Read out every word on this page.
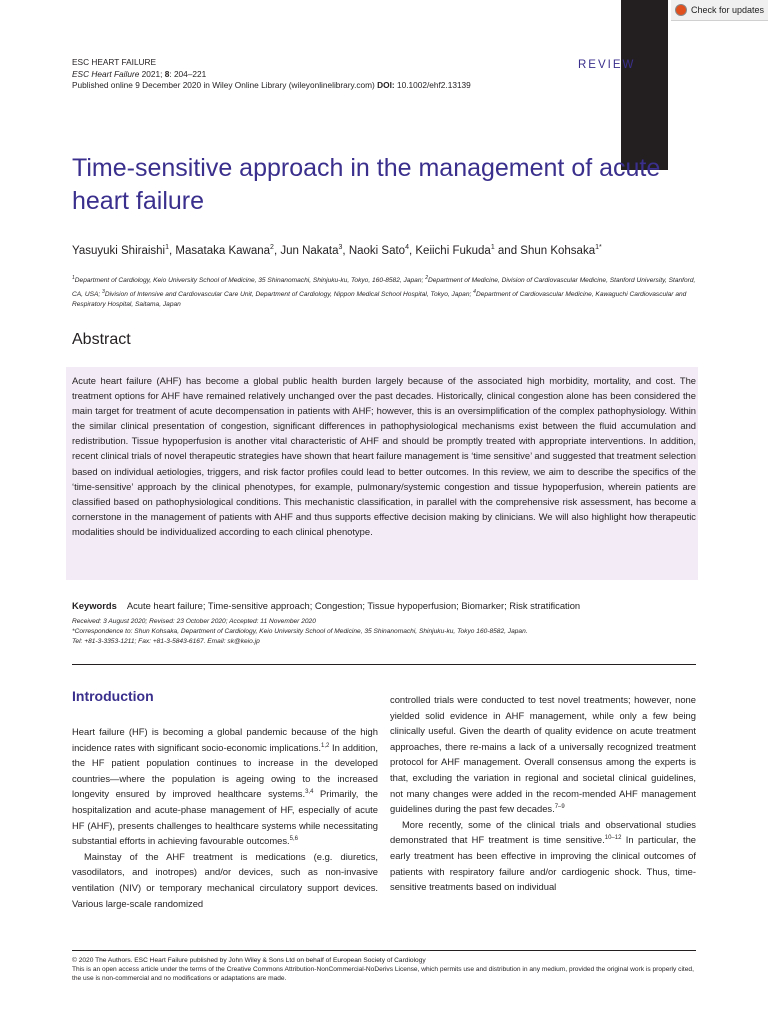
Check for updates
ESC HEART FAILURE
ESC Heart Failure 2021; 8: 204–221
Published online 9 December 2020 in Wiley Online Library (wileyonlinelibrary.com) DOI: 10.1002/ehf2.13139
REVIEW
Time-sensitive approach in the management of acute heart failure
Yasuyuki Shiraishi$^1$, Masataka Kawana$^2$, Jun Nakata$^3$, Naoki Sato$^4$, Keiichi Fukuda$^1$ and Shun Kohsaka$^{1*}$
$^1$Department of Cardiology, Keio University School of Medicine, 35 Shinanomachi, Shinjuku-ku, Tokyo, 160-8582, Japan; $^2$Department of Medicine, Division of Cardiovascular Medicine, Stanford University, Stanford, CA, USA; $^3$Division of Intensive and Cardiovascular Care Unit, Department of Cardiology, Nippon Medical School Hospital, Tokyo, Japan; $^4$Department of Cardiovascular Medicine, Kawaguchi Cardiovascular and Respiratory Hospital, Saitama, Japan
Abstract
Acute heart failure (AHF) has become a global public health burden largely because of the associated high morbidity, mortality, and cost. The treatment options for AHF have remained relatively unchanged over the past decades. Historically, clinical congestion alone has been considered the main target for treatment of acute decompensation in patients with AHF; however, this is an oversimplification of the complex pathophysiology. Within the similar clinical presentation of congestion, significant differences in pathophysiological mechanisms exist between the fluid accumulation and redistribution. Tissue hypoperfusion is another vital characteristic of AHF and should be promptly treated with appropriate interventions. In addition, recent clinical trials of novel therapeutic strategies have shown that heart failure management is ‘time sensitive’ and suggested that treatment selection based on individual aetiologies, triggers, and risk factor profiles could lead to better outcomes. In this review, we aim to describe the specifics of the ‘time-sensitive’ approach by the clinical phenotypes, for example, pulmonary/systemic congestion and tissue hypoperfusion, wherein patients are classified based on pathophysiological conditions. This mechanistic classification, in parallel with the comprehensive risk assessment, has become a cornerstone in the management of patients with AHF and thus supports effective decision making by clinicians. We will also highlight how therapeutic modalities should be individualized according to each clinical phenotype.
Keywords Acute heart failure; Time-sensitive approach; Congestion; Tissue hypoperfusion; Biomarker; Risk stratification
Received: 3 August 2020; Revised: 23 October 2020; Accepted: 11 November 2020
*Correspondence to: Shun Kohsaka, Department of Cardiology, Keio University School of Medicine, 35 Shinanomachi, Shinjuku-ku, Tokyo 160-8582, Japan.
Tel: +81-3-3353-1211; Fax: +81-3-5843-6167. Email: sk@keio.jp
Introduction

Heart failure (HF) is becoming a global pandemic because of the high incidence rates with significant socio-economic implications.$^{1,2}$ In addition, the HF patient population continues to increase in the developed countries—where the population is ageing owing to the increased longevity ensured by improved healthcare systems.$^{3,4}$ Primarily, the hospitalization and acute-phase management of HF, especially of acute HF (AHF), presents challenges to healthcare systems while necessitating substantial efforts in achieving favourable outcomes.$^{5,6}$

Mainstay of the AHF treatment is medications (e.g. diuretics, vasodilators, and inotropes) and/or devices, such as non-invasive ventilation (NIV) or temporary mechanical circulatory support devices. Various large-scale randomized

controlled trials were conducted to test novel treatments; however, none yielded solid evidence in AHF management, while only a few being clinically useful. Given the dearth of quality evidence on acute treatment approaches, there re-mains a lack of a universally recognized treatment protocol for AHF management. Overall consensus among the experts is that, excluding the variation in regional and societal clinical guidelines, not many changes were added in the recom-mended AHF management guidelines during the past few decades.$^{7-9}$

More recently, some of the clinical trials and observational studies demonstrated that HF treatment is time sensitive.$^{10-12}$ In particular, the early treatment has been effective in improving the clinical outcomes of patients with respiratory failure and/or cardiogenic shock. Thus, time-sensitive treatments based on individual

© 2020 The Authors. ESC Heart Failure published by John Wiley & Sons Ltd on behalf of European Society of Cardiology
This is an open access article under the terms of the Creative Commons Attribution-NonCommercial-NoDerivs License, which permits use and distribution in any medium, provided the original work is properly cited, the use is non-commercial and no modifications or adaptations are made.
